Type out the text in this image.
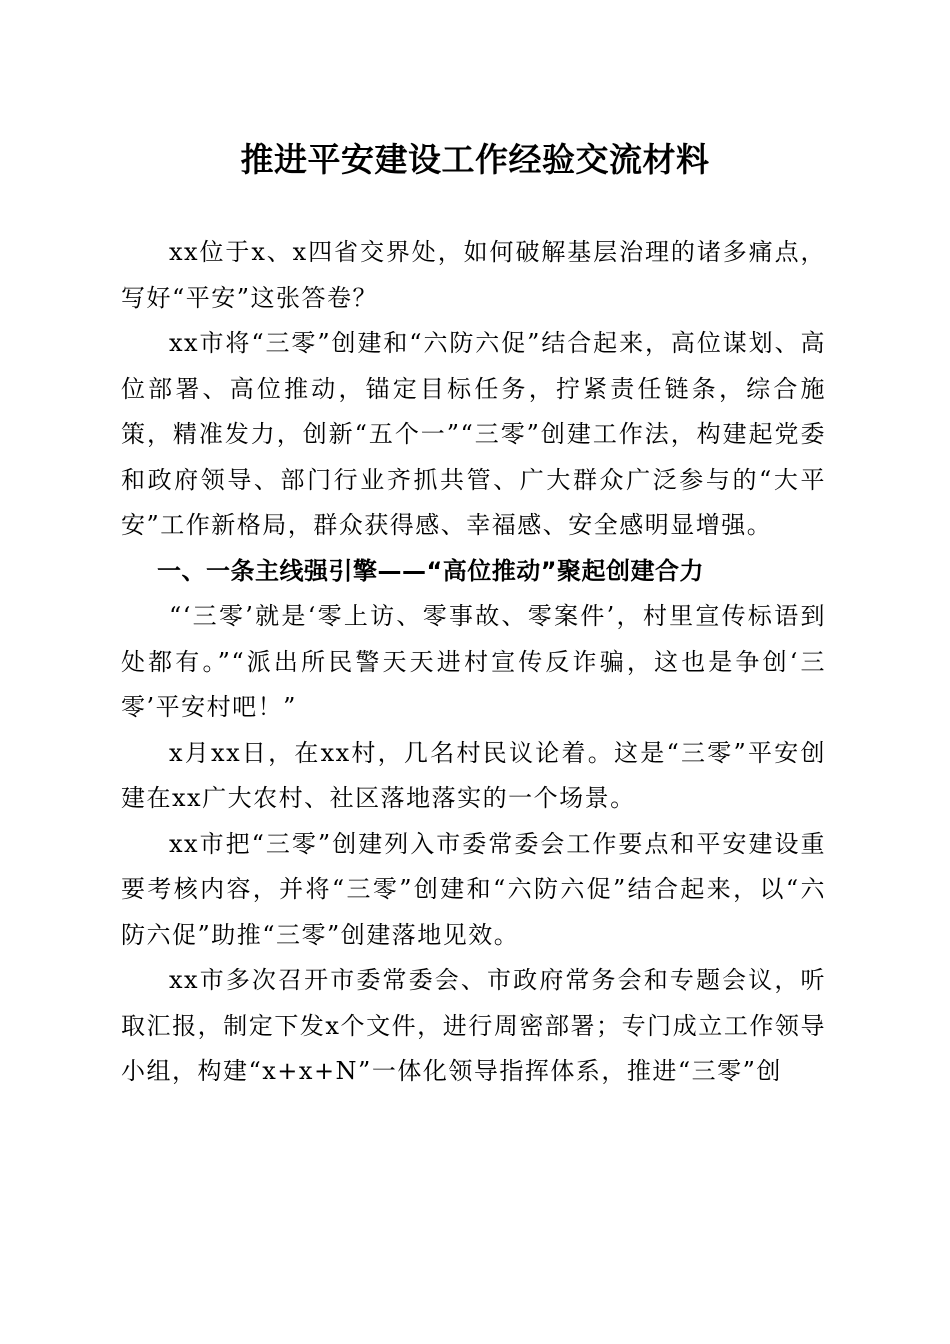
推进平安建设工作经验交流材料

xx位于x、x四省交界处，如何破解基层治理的诸多痛点，写好“平安”这张答卷？

xx市将“三零”创建和“六防六促”结合起来，高位谋划、高位部署、高位推动，锚定目标任务，拧紧责任链条，综合施策，精准发力，创新“五个一”“三零”创建工作法，构建起党委和政府领导、部门行业齐抓共管、广大群众广泛参与的“大平安”工作新格局，群众获得感、幸福感、安全感明显增强。

一、一条主线强引擎——“高位推动”聚起创建合力

“‘三零’就是‘零上访、零事故、零案件’，村里宣传标语到处都有。”“派出所民警天天进村宣传反诈骗，这也是争创‘三零’平安村吧！”

x月xx日，在xx村，几名村民议论着。这是“三零”平安创建在xx广大农村、社区落地落实的一个场景。

xx市把“三零”创建列入市委常委会工作要点和平安建设重要考核内容，并将“三零”创建和“六防六促”结合起来，以“六防六促”助推“三零”创建落地见效。

xx市多次召开市委常委会、市政府常务会和专题会议，听取汇报，制定下发x个文件，进行周密部署；专门成立工作领导小组，构建“x+x+N”一体化领导指挥体系，推进“三零”创
